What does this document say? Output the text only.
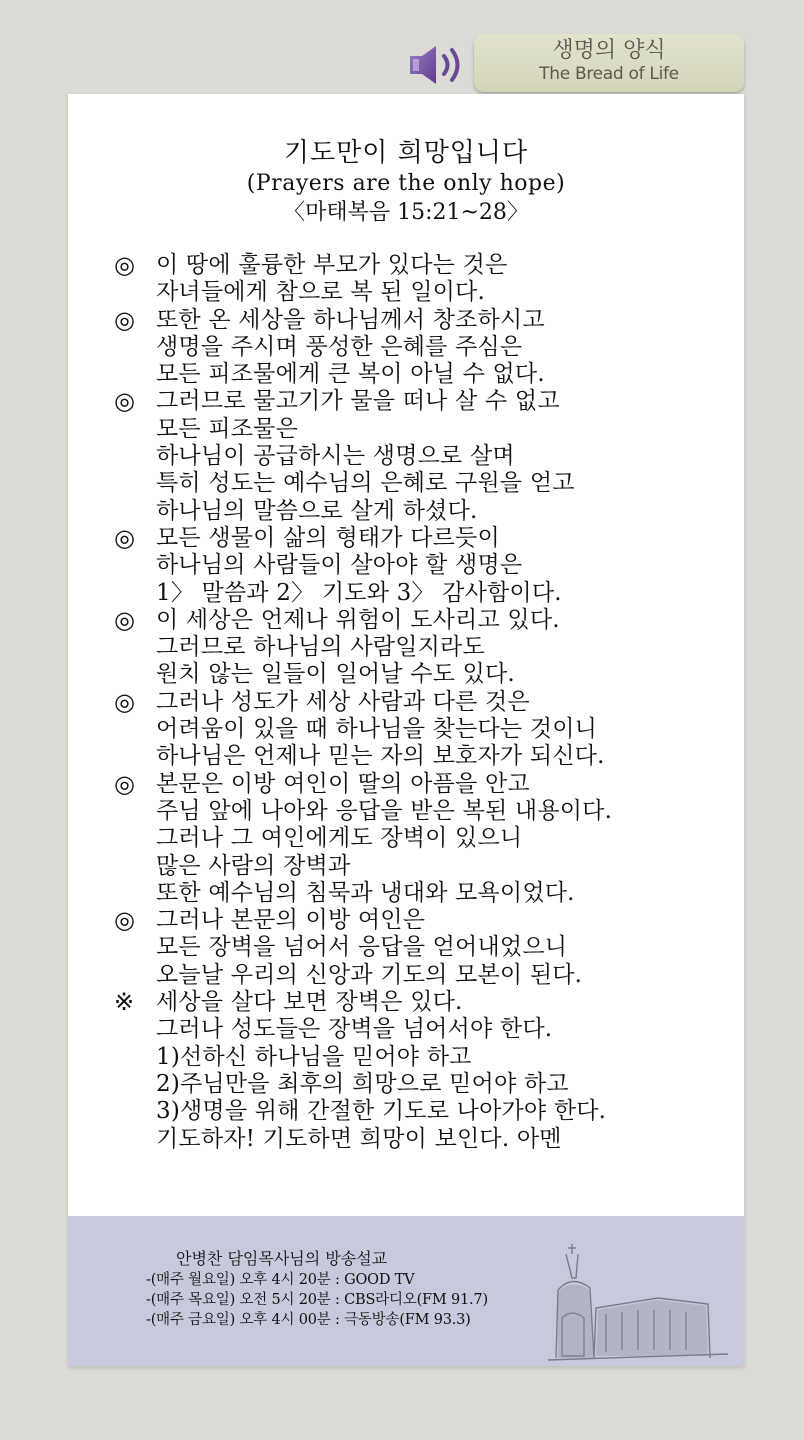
생명의 양식
The Bread of Life
기도만이 희망입니다
(Prayers are the only hope)
〈마태복음 15:21~28〉
◎ 이 땅에 훌륭한 부모가 있다는 것은
자녀들에게 참으로 복 된 일이다.
◎ 또한 온 세상을 하나님께서 창조하시고
생명을 주시며 풍성한 은혜를 주심은
모든 피조물에게 큰 복이 아닐 수 없다.
◎ 그러므로 물고기가 물을 떠나 살 수 없고
모든 피조물은
하나님이 공급하시는 생명으로 살며
특히 성도는 예수님의 은혜로 구원을 얻고
하나님의 말씀으로 살게 하셨다.
◎ 모든 생물이 삶의 형태가 다르듯이
하나님의 사람들이 살아야 할 생명은
1〉 말씀과 2〉 기도와 3〉 감사함이다.
◎ 이 세상은 언제나 위험이 도사리고 있다.
그러므로 하나님의 사람일지라도
원치 않는 일들이 일어날 수도 있다.
◎ 그러나 성도가 세상 사람과 다른 것은
어려움이 있을 때 하나님을 찾는다는 것이니
하나님은 언제나 믿는 자의 보호자가 되신다.
◎ 본문은 이방 여인이 딸의 아픔을 안고
주님 앞에 나아와 응답을 받은 복된 내용이다.
그러나 그 여인에게도 장벽이 있으니
많은 사람의 장벽과
또한 예수님의 침묵과 냉대와 모욕이었다.
◎ 그러나 본문의 이방 여인은
모든 장벽을 넘어서 응답을 얻어내었으니
오늘날 우리의 신앙과 기도의 모본이 된다.
※ 세상을 살다 보면 장벽은 있다.
그러나 성도들은 장벽을 넘어서야 한다.
1)선하신 하나님을 믿어야 하고
2)주님만을 최후의 희망으로 믿어야 하고
3)생명을 위해 간절한 기도로 나아가야 한다.
기도하자! 기도하면 희망이 보인다. 아멘
안병찬 담임목사님의 방송설교
-(매주 월요일) 오후 4시 20분 : GOOD TV
-(매주 목요일) 오전 5시 20분 : CBS라디오(FM 91.7)
-(매주 금요일) 오후 4시 00분 : 극동방송(FM 93.3)
